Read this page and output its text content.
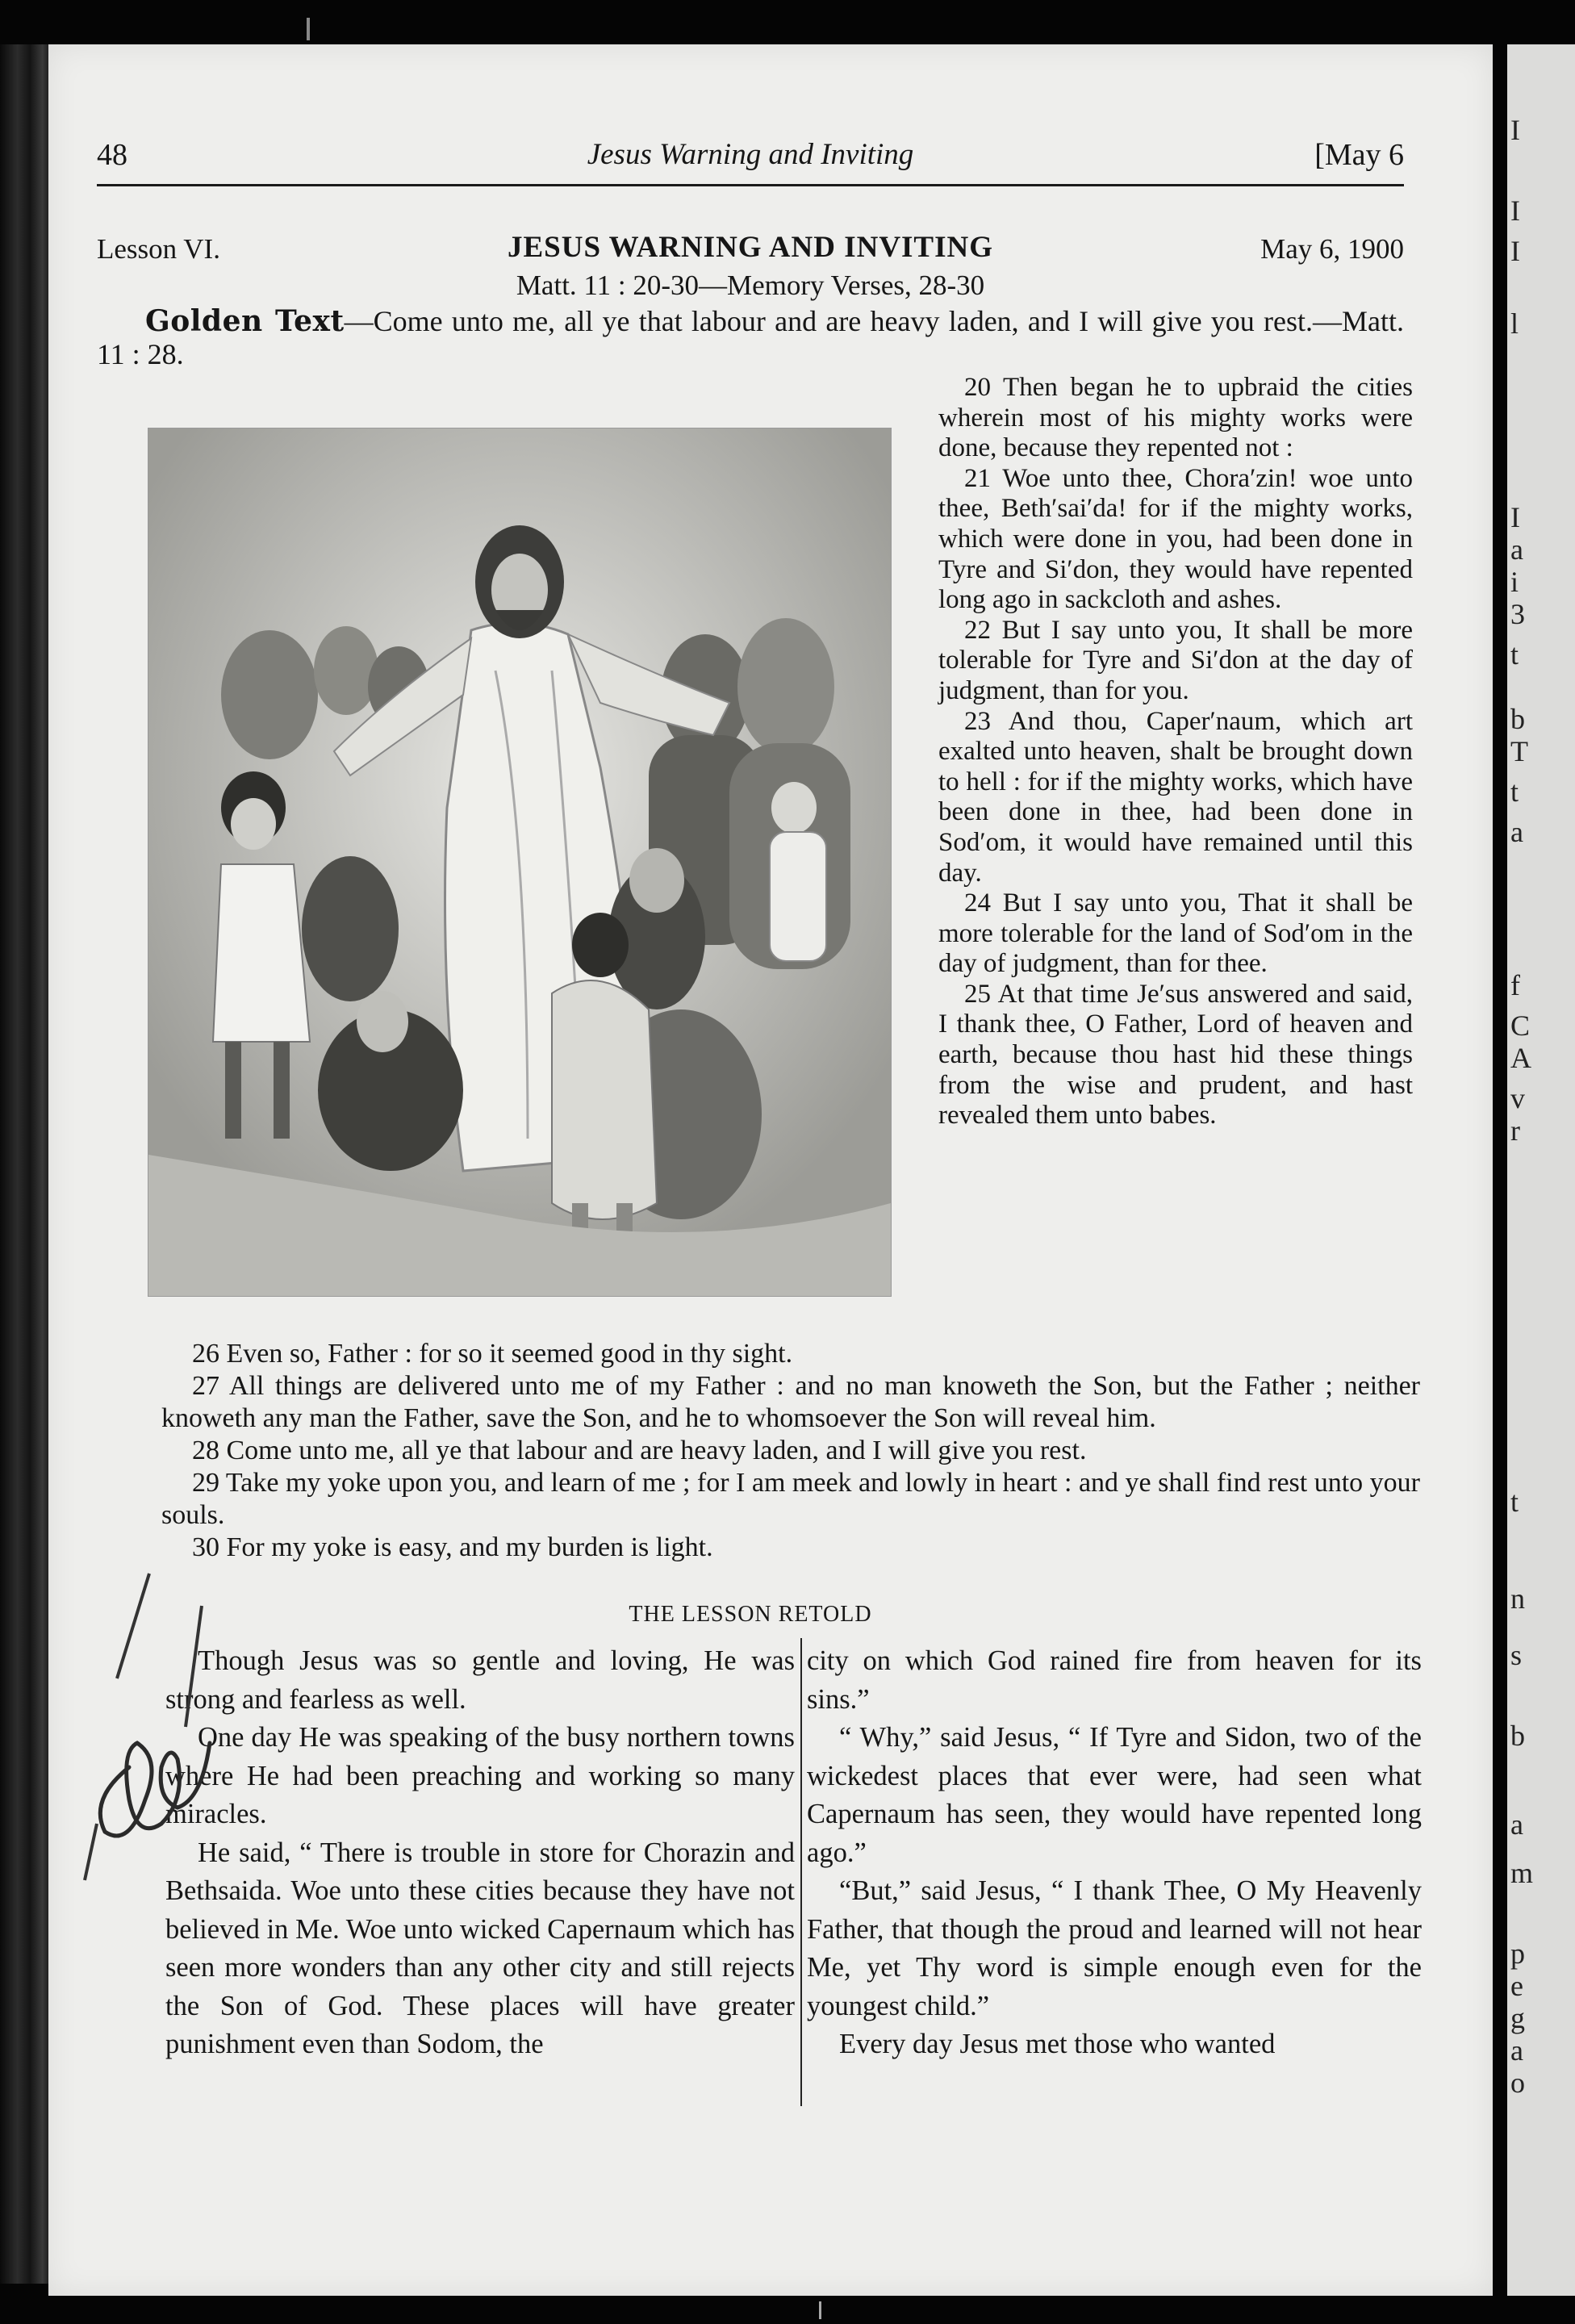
I
I
I
l
I
a
i
3
t
b
T
t
a
f
C
A
v
r
t
n
s
b
a
m
p
e
g
a
o
48	Jesus Warning and Inviting	[May 6
Lesson VI.	JESUS WARNING AND INVITING	May 6, 1900
Matt. 11 : 20-30—Memory Verses, 28-30
Golden Text—Come unto me, all ye that labour and are heavy laden, and I will give you rest.—Matt. 11 : 28.

20 Then began he to upbraid the cities wherein most of his mighty works were done, because they repented not :

21 Woe unto thee, Chora′zin! woe unto thee, Beth′sai′da! for if the mighty works, which were done in you, had been done in Tyre and Si′don, they would have repented long ago in sackcloth and ashes.

22 But I say unto you, It shall be more tolerable for Tyre and Si′don at the day of judgment, than for you.

23 And thou, Caper′naum, which art exalted unto heaven, shalt be brought down to hell : for if the mighty works, which have been done in thee, had been done in Sod′om, it would have remained until this day.

24 But I say unto you, That it shall be more tolerable for the land of Sod′om in the day of judgment, than for thee.

25 At that time Je′sus answered and said, I thank thee, O Father, Lord of heaven and earth, because thou hast hid these things from the wise and prudent, and hast revealed them unto babes.

26 Even so, Father : for so it seemed good in thy sight.

27 All things are delivered unto me of my Father : and no man knoweth the Son, but the Father ; neither knoweth any man the Father, save the Son, and he to whomsoever the Son will reveal him.

28 Come unto me, all ye that labour and are heavy laden, and I will give you rest.

29 Take my yoke upon you, and learn of me ; for I am meek and lowly in heart : and ye shall find rest unto your souls.

30 For my yoke is easy, and my burden is light.

THE LESSON RETOLD

Though Jesus was so gentle and loving, He was strong and fearless as well.

One day He was speaking of the busy northern towns where He had been preaching and working so many miracles.

He said, “ There is trouble in store for Chorazin and Bethsaida. Woe unto these cities because they have not believed in Me. Woe unto wicked Capernaum which has seen more wonders than any other city and still rejects the Son of God. These places will have greater punishment even than Sodom, the

city on which God rained fire from heaven for its sins.”

“ Why,” said Jesus, “ If Tyre and Sidon, two of the wickedest places that ever were, had seen what Capernaum has seen, they would have repented long ago.”

“But,” said Jesus, “ I thank Thee, O My Heavenly Father, that though the proud and learned will not hear Me, yet Thy word is simple enough even for the youngest child.”

Every day Jesus met those who wanted
